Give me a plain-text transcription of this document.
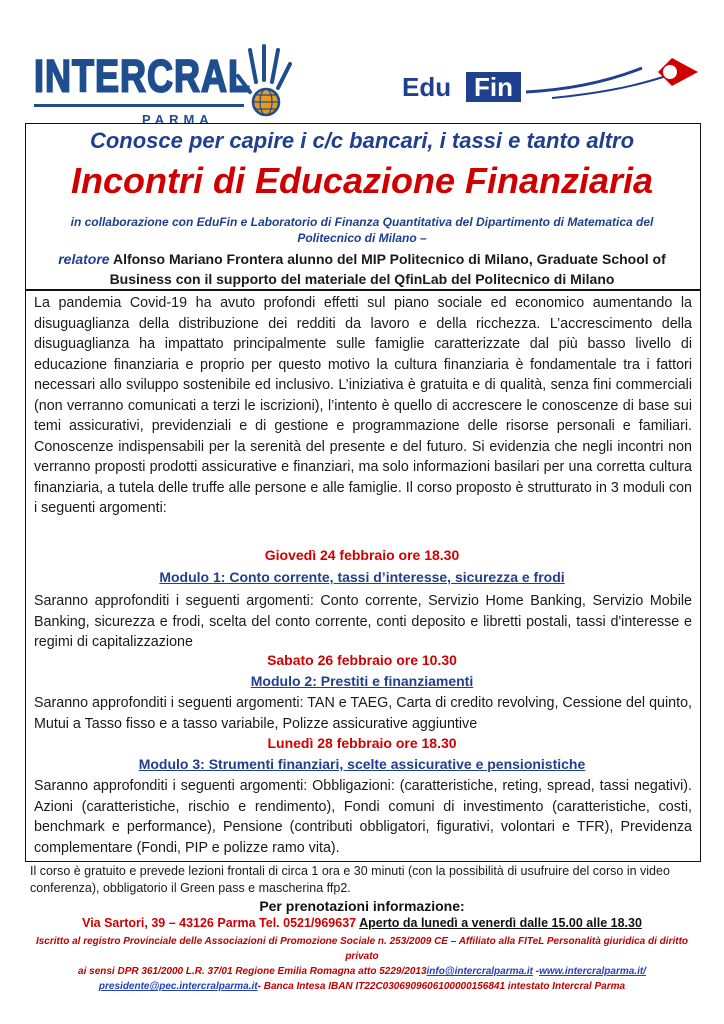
INTERCRAL
PARMA
Edu Fin
Conosce per capire i c/c bancari, i tassi e tanto altro
Incontri di Educazione Finanziaria
in collaborazione con EduFin e Laboratorio di Finanza Quantitativa del Dipartimento di Matematica del
Politecnico di Milano –
relatore Alfonso Mariano Frontera alunno del MIP Politecnico di Milano, Graduate School of
Business con il supporto del materiale del QfinLab del Politecnico di Milano
La pandemia Covid-19 ha avuto profondi effetti sul piano sociale ed economico aumentando la disuguaglianza della distribuzione dei redditi da lavoro e della ricchezza. L’accrescimento della disuguaglianza ha impattato principalmente sulle famiglie caratterizzate dal più basso livello di educazione finanziaria e proprio per questo motivo la cultura finanziaria è fondamentale tra i fattori necessari allo sviluppo sostenibile ed inclusivo. L’iniziativa è gratuita e di qualità, senza fini commerciali (non verranno comunicati a terzi le iscrizioni), l’intento è quello di accrescere le conoscenze di base sui temi assicurativi, previdenziali e di gestione e programmazione delle risorse personali e familiari. Conoscenze indispensabili per la serenità del presente e del futuro. Si evidenzia che negli incontri non verranno proposti prodotti assicurative e finanziari, ma solo informazioni basilari per una corretta cultura finanziaria, a tutela delle truffe alle persone e alle famiglie. Il corso proposto è strutturato in 3 moduli con i seguenti argomenti:
Giovedì 24 febbraio ore 18.30
Modulo 1: Conto corrente, tassi d’interesse, sicurezza e frodi
Saranno approfonditi i seguenti argomenti: Conto corrente, Servizio Home Banking, Servizio Mobile Banking, sicurezza e frodi, scelta del conto corrente, conti deposito e libretti postali, tassi d'interesse e regimi di capitalizzazione
Sabato 26 febbraio ore 10.30
Modulo 2: Prestiti e finanziamenti
Saranno approfonditi i seguenti argomenti: TAN e TAEG, Carta di credito revolving, Cessione del quinto, Mutui a Tasso fisso e a tasso variabile, Polizze assicurative aggiuntive
Lunedì 28 febbraio ore 18.30
Modulo 3: Strumenti finanziari, scelte assicurative e pensionistiche
Saranno approfonditi i seguenti argomenti: Obbligazioni: (caratteristiche, reting, spread, tassi negativi). Azioni (caratteristiche, rischio e rendimento), Fondi comuni di investimento (caratteristiche, costi, benchmark e performance), Pensione (contributi obbligatori, figurativi, volontari e TFR), Previdenza complementare (Fondi, PIP e polizze ramo vita).
Il corso è gratuito e prevede lezioni frontali di circa 1 ora e 30 minuti (con la possibilità di usufruire del corso in video conferenza), obbligatorio il Green pass e mascherina ffp2.
Per prenotazioni informazione:
Via Sartori, 39 – 43126 Parma Tel. 0521/969637 Aperto da lunedì a venerdì dalle 15.00 alle 18.30
Iscritto al registro Provinciale delle Associazioni di Promozione Sociale n. 253/2009 CE – Affiliato alla FITeL Personalità giuridica di diritto privato
ai sensi DPR 361/2000 L.R. 37/01 Regione Emilia Romagna atto 5229/2013info@intercralparma.it -www.intercralparma.it/
presidente@pec.intercralparma.it- Banca Intesa IBAN IT22C0306909606100000156841 intestato Intercral Parma
